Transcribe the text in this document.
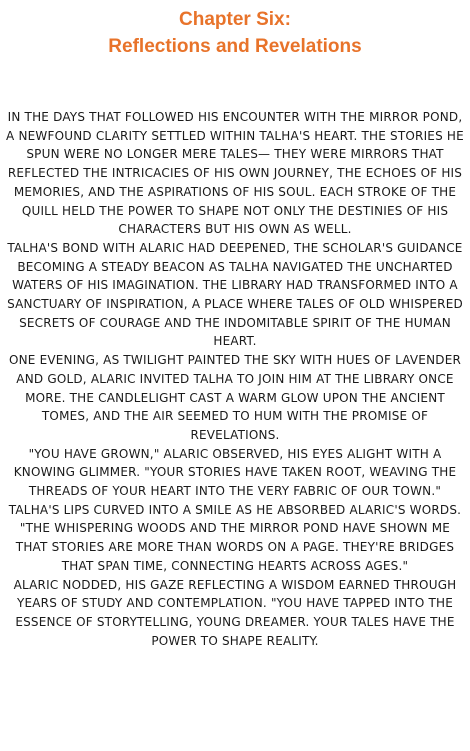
Chapter Six:
Reflections and Revelations

IN THE DAYS THAT FOLLOWED HIS ENCOUNTER WITH THE MIRROR POND, A NEWFOUND CLARITY SETTLED WITHIN TALHA'S HEART. THE STORIES HE SPUN WERE NO LONGER MERE TALES— THEY WERE MIRRORS THAT REFLECTED THE INTRICACIES OF HIS OWN JOURNEY, THE ECHOES OF HIS MEMORIES, AND THE ASPIRATIONS OF HIS SOUL. EACH STROKE OF THE QUILL HELD THE POWER TO SHAPE NOT ONLY THE DESTINIES OF HIS CHARACTERS BUT HIS OWN AS WELL.

TALHA'S BOND WITH ALARIC HAD DEEPENED, THE SCHOLAR'S GUIDANCE BECOMING A STEADY BEACON AS TALHA NAVIGATED THE UNCHARTED WATERS OF HIS IMAGINATION. THE LIBRARY HAD TRANSFORMED INTO A SANCTUARY OF INSPIRATION, A PLACE WHERE TALES OF OLD WHISPERED SECRETS OF COURAGE AND THE INDOMITABLE SPIRIT OF THE HUMAN HEART.

ONE EVENING, AS TWILIGHT PAINTED THE SKY WITH HUES OF LAVENDER AND GOLD, ALARIC INVITED TALHA TO JOIN HIM AT THE LIBRARY ONCE MORE. THE CANDLELIGHT CAST A WARM GLOW UPON THE ANCIENT TOMES, AND THE AIR SEEMED TO HUM WITH THE PROMISE OF REVELATIONS.

"YOU HAVE GROWN," ALARIC OBSERVED, HIS EYES ALIGHT WITH A KNOWING GLIMMER. "YOUR STORIES HAVE TAKEN ROOT, WEAVING THE THREADS OF YOUR HEART INTO THE VERY FABRIC OF OUR TOWN."

TALHA'S LIPS CURVED INTO A SMILE AS HE ABSORBED ALARIC'S WORDS. "THE WHISPERING WOODS AND THE MIRROR POND HAVE SHOWN ME THAT STORIES ARE MORE THAN WORDS ON A PAGE. THEY'RE BRIDGES THAT SPAN TIME, CONNECTING HEARTS ACROSS AGES."

ALARIC NODDED, HIS GAZE REFLECTING A WISDOM EARNED THROUGH YEARS OF STUDY AND CONTEMPLATION. "YOU HAVE TAPPED INTO THE ESSENCE OF STORYTELLING, YOUNG DREAMER. YOUR TALES HAVE THE POWER TO SHAPE REALITY.
